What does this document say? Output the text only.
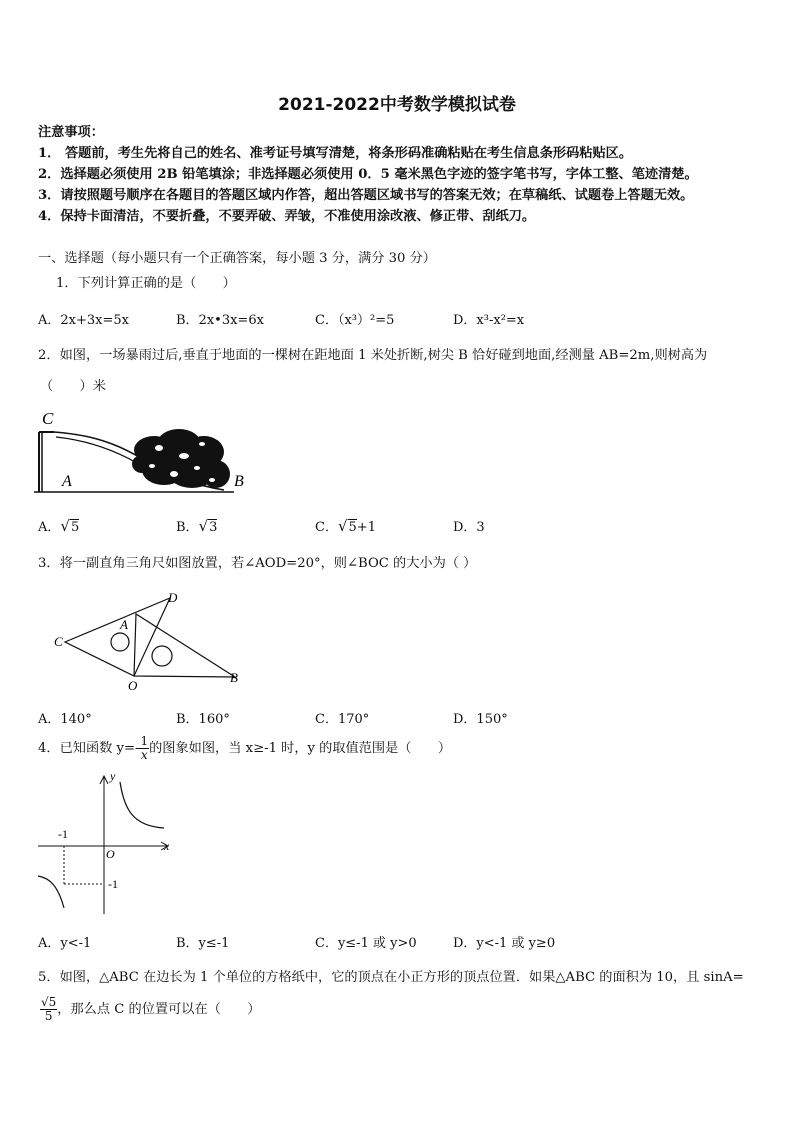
2021-2022中考数学模拟试卷
注意事项：
1． 答题前，考生先将自己的姓名、准考证号填写清楚，将条形码准确粘贴在考生信息条形码粘贴区。
2．选择题必须使用 2B 铅笔填涂；非选择题必须使用 0．5 毫米黑色字迹的签字笔书写，字体工整、笔迹清楚。
3．请按照题号顺序在各题目的答题区域内作答，超出答题区域书写的答案无效；在草稿纸、试题卷上答题无效。
4．保持卡面清洁，不要折叠，不要弄破、弄皱，不准使用涂改液、修正带、刮纸刀。
一、选择题（每小题只有一个正确答案，每小题 3 分，满分 30 分）
1．下列计算正确的是（　　）
A．2x+3x=5x	B．2x•3x=6x	C．（x³）²=5	D．x³-x²=x
2．如图，一场暴雨过后,垂直于地面的一棵树在距地面 1 米处折断,树尖 B 恰好碰到地面,经测量 AB=2m,则树高为
（　　）米
C
A	B
A．√5	B．√3	C．√5+1	D．3
3．将一副直角三角尺如图放置，若∠AOD=20°，则∠BOC 的大小为（ ）
D
A
C
O
B
A．140°	B．160°	C．170°	D．150°
4．已知函数 $y=- \frac{1}{x}$ 的图象如图，当 x≥-1 时，y 的取值范围是（　　）
y
x
O
-1
-1
A．y<-1	B．y≤-1	C．y≤-1 或 y>0	D．y<-1 或 y≥0
5．如图，△ABC 在边长为 1 个单位的方格纸中，它的顶点在小正方形的顶点位置．如果△ABC 的面积为 10，且 sinA=
$\frac{√5}{5}$ ，那么点 C 的位置可以在（　　）
